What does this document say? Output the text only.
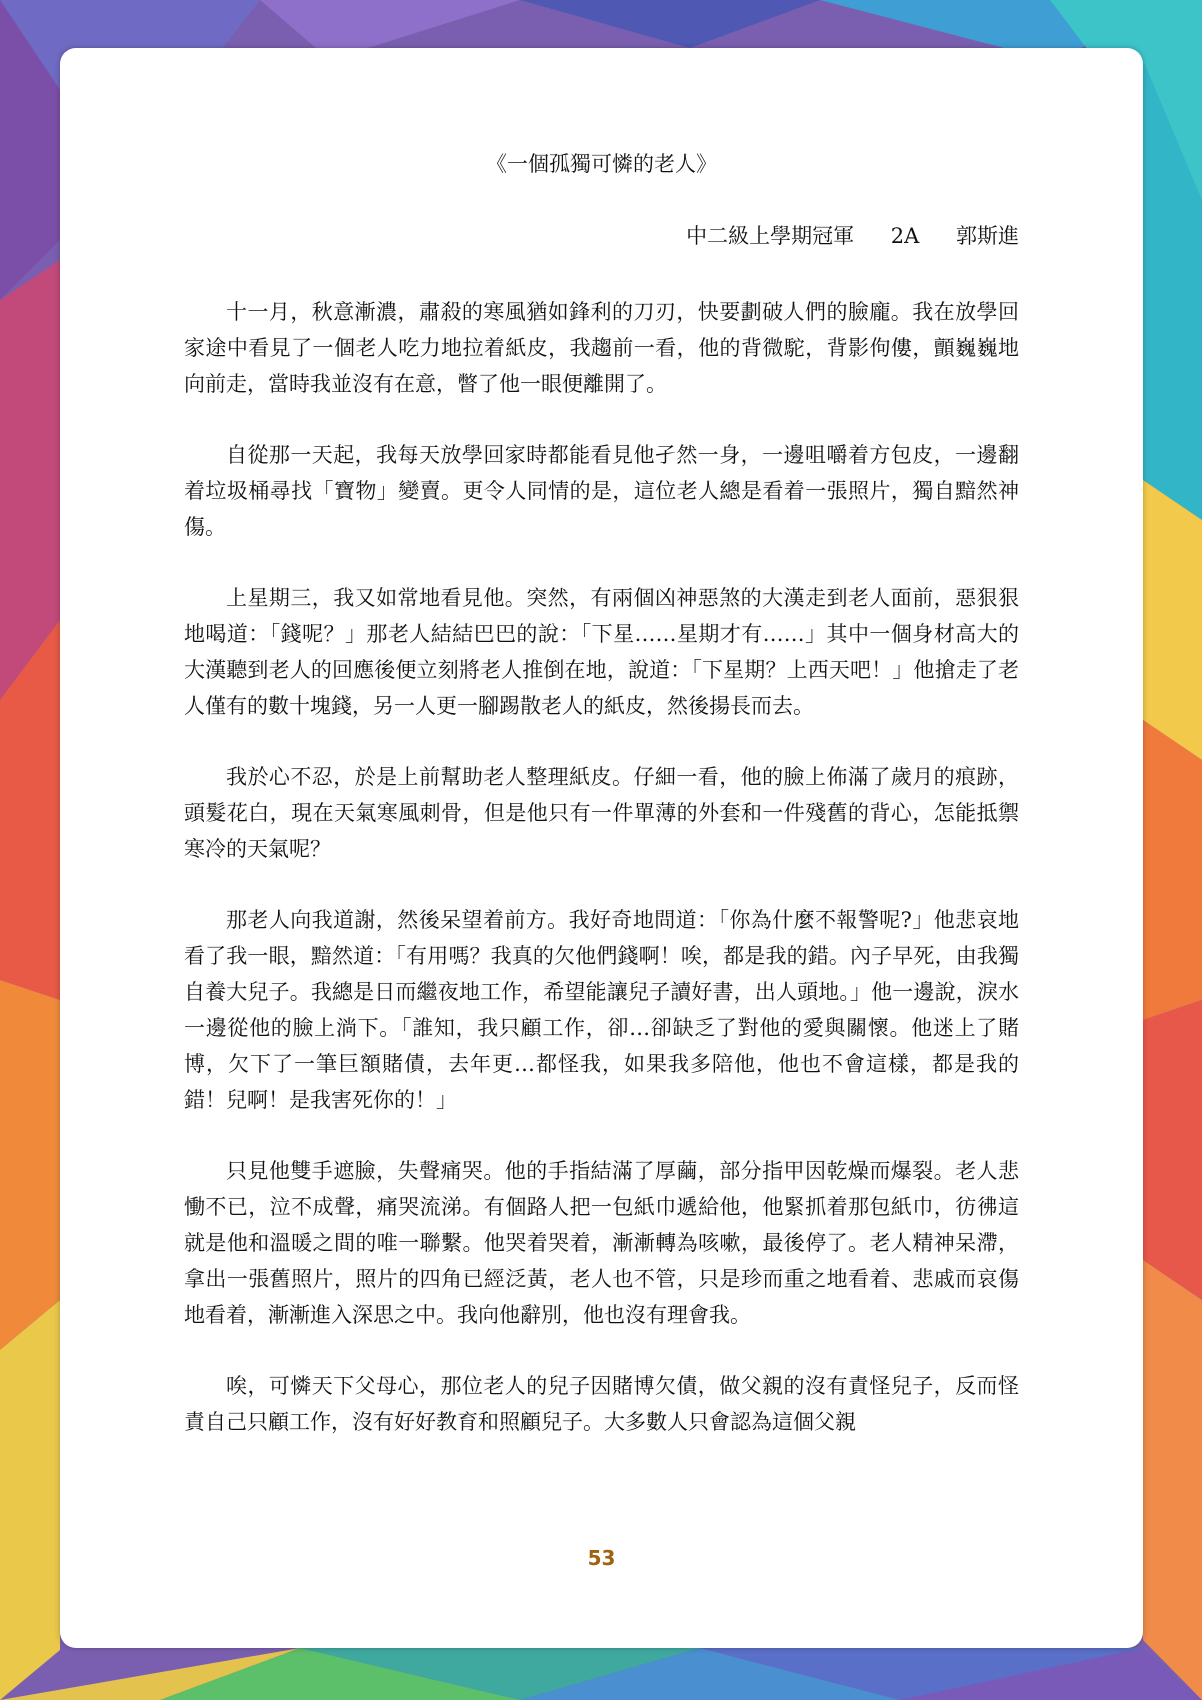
《一個孤獨可憐的老人》
中二級上學期冠軍 2A 郭斯進

十一月，秋意漸濃，肅殺的寒風猶如鋒利的刀刃，快要劃破人們的臉龐。我在放學回家途中看見了一個老人吃力地拉着紙皮，我趨前一看，他的背微駝，背影佝僂，顫巍巍地向前走，當時我並沒有在意，瞥了他一眼便離開了。

自從那一天起，我每天放學回家時都能看見他孑然一身，一邊咀嚼着方包皮，一邊翻着垃圾桶尋找「寶物」變賣。更令人同情的是，這位老人總是看着一張照片，獨自黯然神傷。

上星期三，我又如常地看見他。突然，有兩個凶神惡煞的大漢走到老人面前，惡狠狠地喝道：「錢呢？」那老人結結巴巴的說：「下星……星期才有……」其中一個身材高大的大漢聽到老人的回應後便立刻將老人推倒在地，說道：「下星期？上西天吧！」他搶走了老人僅有的數十塊錢，另一人更一腳踢散老人的紙皮，然後揚長而去。

我於心不忍，於是上前幫助老人整理紙皮。仔細一看，他的臉上佈滿了歲月的痕跡，頭髮花白，現在天氣寒風刺骨，但是他只有一件單薄的外套和一件殘舊的背心，怎能抵禦寒冷的天氣呢？

那老人向我道謝，然後呆望着前方。我好奇地問道：「你為什麼不報警呢?」他悲哀地看了我一眼，黯然道：「有用嗎？我真的欠他們錢啊！唉，都是我的錯。內子早死，由我獨自養大兒子。我總是日而繼夜地工作，希望能讓兒子讀好書，出人頭地。」他一邊說，淚水一邊從他的臉上淌下。「誰知，我只顧工作，卻…卻缺乏了對他的愛與關懷。他迷上了賭博，欠下了一筆巨額賭債，去年更…都怪我，如果我多陪他，他也不會這樣，都是我的錯！兒啊！是我害死你的！」

只見他雙手遮臉，失聲痛哭。他的手指結滿了厚繭，部分指甲因乾燥而爆裂。老人悲慟不已，泣不成聲，痛哭流涕。有個路人把一包紙巾遞給他，他緊抓着那包紙巾，彷彿這就是他和溫暖之間的唯一聯繫。他哭着哭着，漸漸轉為咳嗽，最後停了。老人精神呆滯，拿出一張舊照片，照片的四角已經泛黃，老人也不管，只是珍而重之地看着、悲戚而哀傷地看着，漸漸進入深思之中。我向他辭別，他也沒有理會我。

唉，可憐天下父母心，那位老人的兒子因賭博欠債，做父親的沒有責怪兒子，反而怪責自己只顧工作，沒有好好教育和照顧兒子。大多數人只會認為這個父親

53
